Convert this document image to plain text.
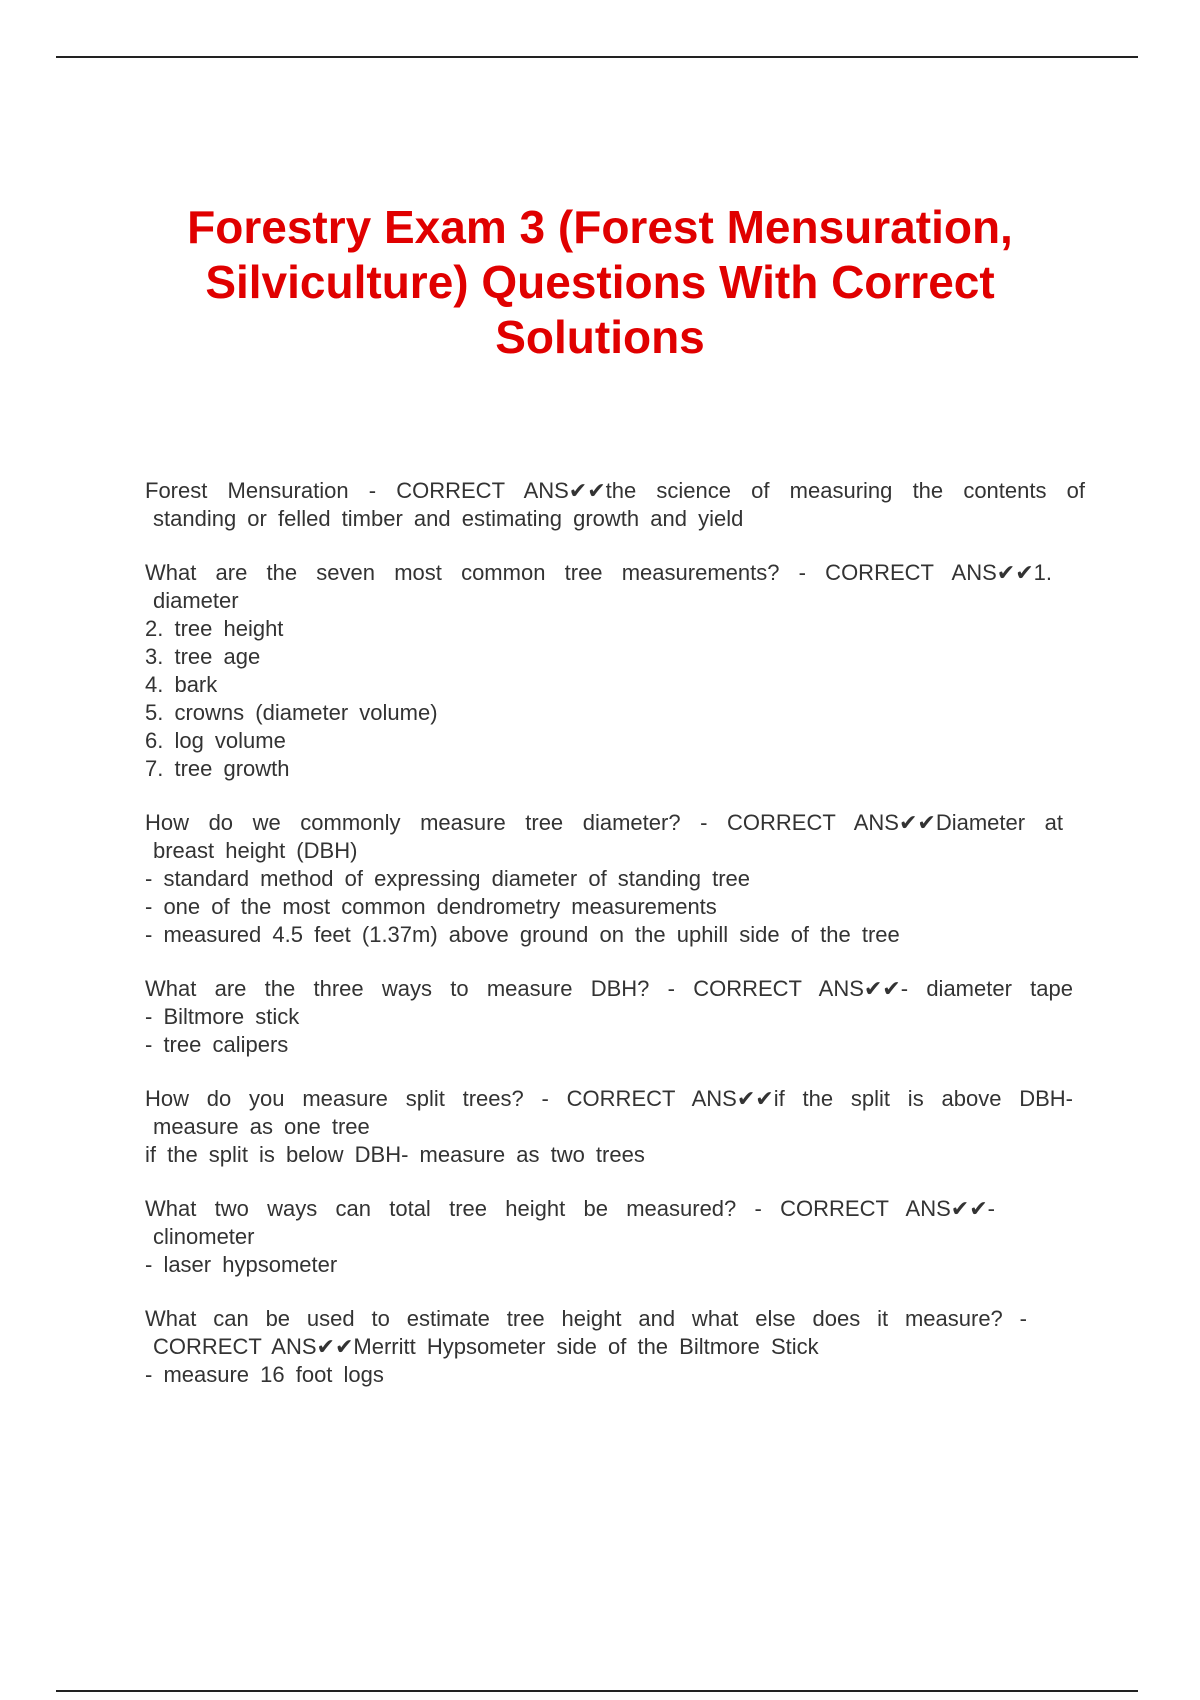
Forestry Exam 3 (Forest Mensuration,
Silviculture) Questions With Correct
Solutions
Forest Mensuration - CORRECT ANS✔✔the science of measuring the contents of
standing or felled timber and estimating growth and yield
What are the seven most common tree measurements? - CORRECT ANS✔✔1.
diameter
2. tree height
3. tree age
4. bark
5. crowns (diameter volume)
6. log volume
7. tree growth
How do we commonly measure tree diameter? - CORRECT ANS✔✔Diameter at
breast height (DBH)
- standard method of expressing diameter of standing tree
- one of the most common dendrometry measurements
- measured 4.5 feet (1.37m) above ground on the uphill side of the tree
What are the three ways to measure DBH? - CORRECT ANS✔✔- diameter tape
- Biltmore stick
- tree calipers
How do you measure split trees? - CORRECT ANS✔✔if the split is above DBH-
measure as one tree
if the split is below DBH- measure as two trees
What two ways can total tree height be measured? - CORRECT ANS✔✔-
clinometer
- laser hypsometer
What can be used to estimate tree height and what else does it measure? -
CORRECT ANS✔✔Merritt Hypsometer side of the Biltmore Stick
- measure 16 foot logs
